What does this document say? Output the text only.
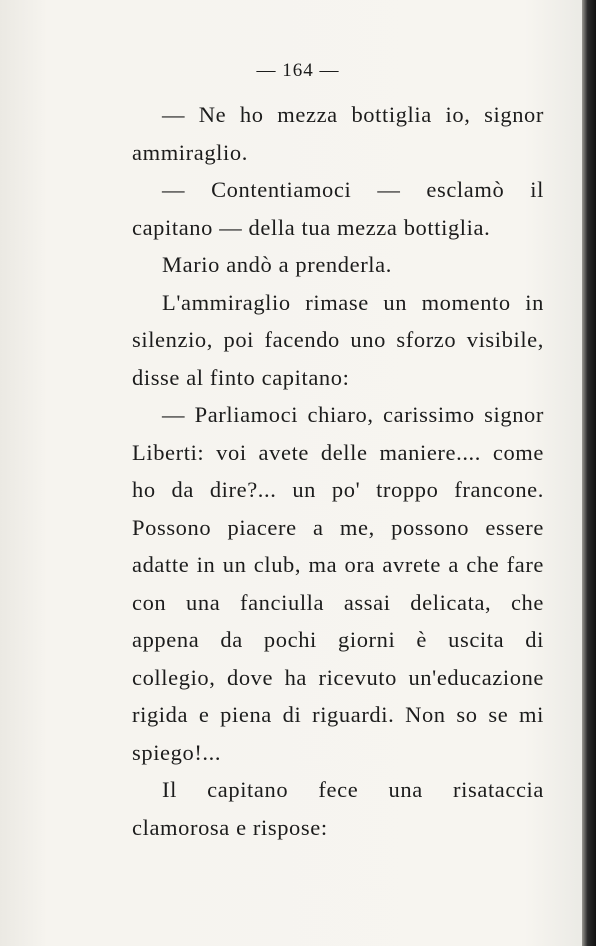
— 164 —

— Ne ho mezza bottiglia io, signor ammiraglio.

— Contentiamoci — esclamò il capitano — della tua mezza bottiglia.

Mario andò a prenderla.

L'ammiraglio rimase un momento in silenzio, poi facendo uno sforzo visibile, disse al finto capitano:

— Parliamoci chiaro, carissimo signor Liberti: voi avete delle maniere.... come ho da dire?... un po' troppo francone. Possono piacere a me, possono essere adatte in un club, ma ora avrete a che fare con una fanciulla assai delicata, che appena da pochi giorni è uscita di collegio, dove ha ricevuto un'educazione rigida e piena di riguardi. Non so se mi spiego!...

Il capitano fece una risataccia clamorosa e rispose:
